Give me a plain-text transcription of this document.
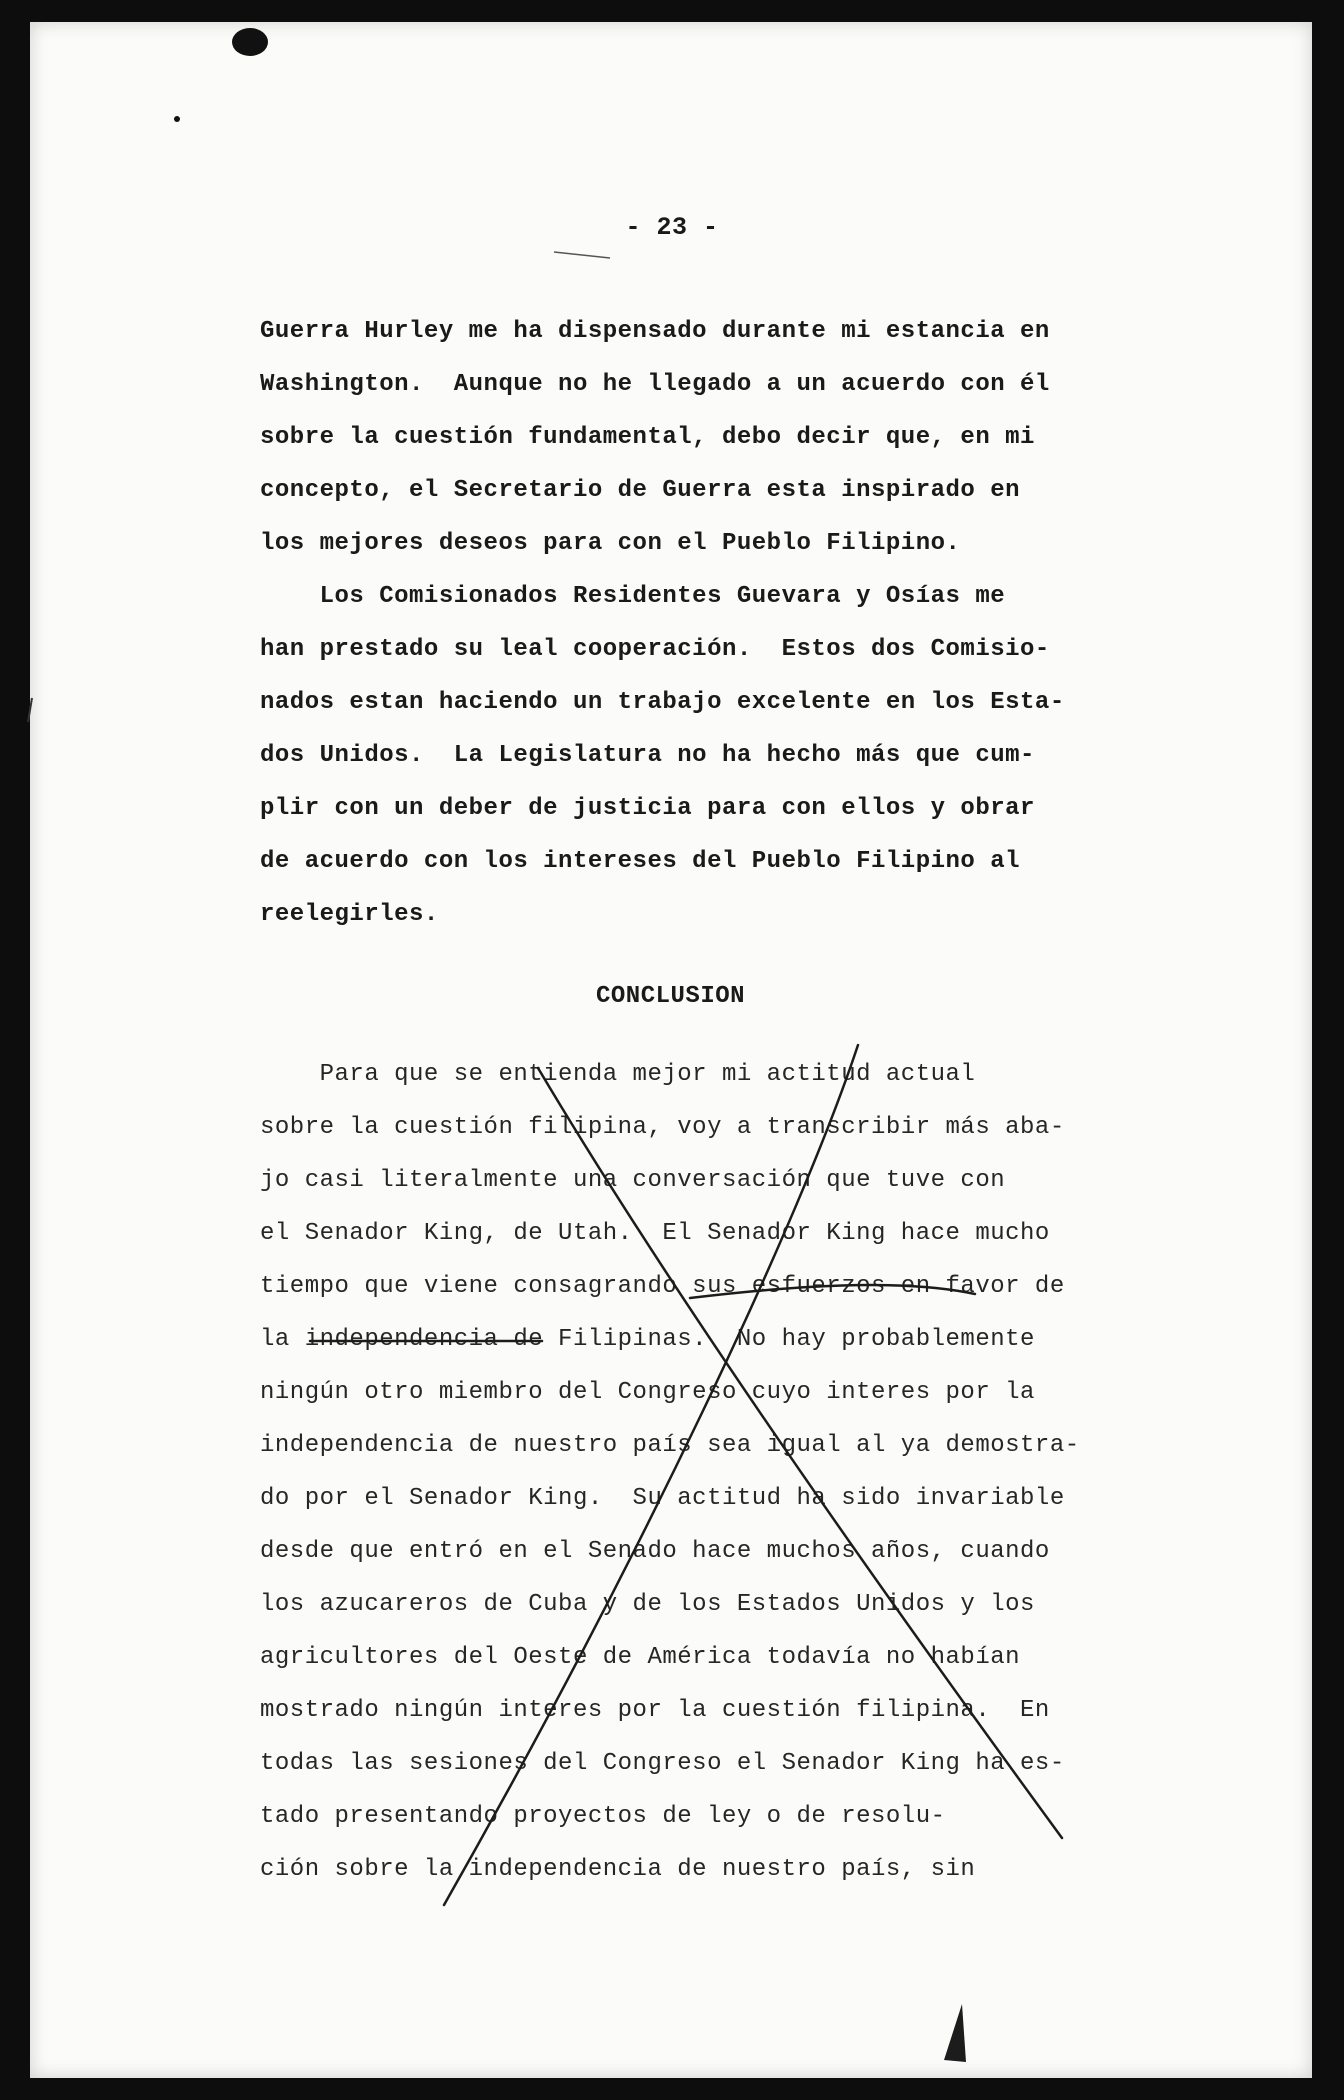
- 23 -
Guerra Hurley me ha dispensado durante mi estancia en
Washington.  Aunque no he llegado a un acuerdo con él
sobre la cuestión fundamental, debo decir que, en mi
concepto, el Secretario de Guerra esta inspirado en
los mejores deseos para con el Pueblo Filipino.
Los Comisionados Residentes Guevara y Osías me
han prestado su leal cooperación.  Estos dos Comisio-
nados estan haciendo un trabajo excelente en los Esta-
dos Unidos.  La Legislatura no ha hecho más que cum-
plir con un deber de justicia para con ellos y obrar
de acuerdo con los intereses del Pueblo Filipino al
reelegirles.
CONCLUSION
Para que se entienda mejor mi actitud actual
sobre la cuestión filipina, voy a transcribir más aba-
jo casi literalmente una conversación que tuve con
el Senador King, de Utah.  El Senador King hace mucho
tiempo que viene consagrando sus esfuerzos en favor de
la independencia de Filipinas.  No hay probablemente
ningún otro miembro del Congreso cuyo interes por la
independencia de nuestro país sea igual al ya demostra-
do por el Senador King.  Su actitud ha sido invariable
desde que entró en el Senado hace muchos años, cuando
los azucareros de Cuba y de los Estados Unidos y los
agricultores del Oeste de América todavía no habían
mostrado ningún interes por la cuestión filipina.  En
todas las sesiones del Congreso el Senador King ha es-
tado presentando proyectos de ley o de resolu-
ción sobre la independencia de nuestro país, sin
